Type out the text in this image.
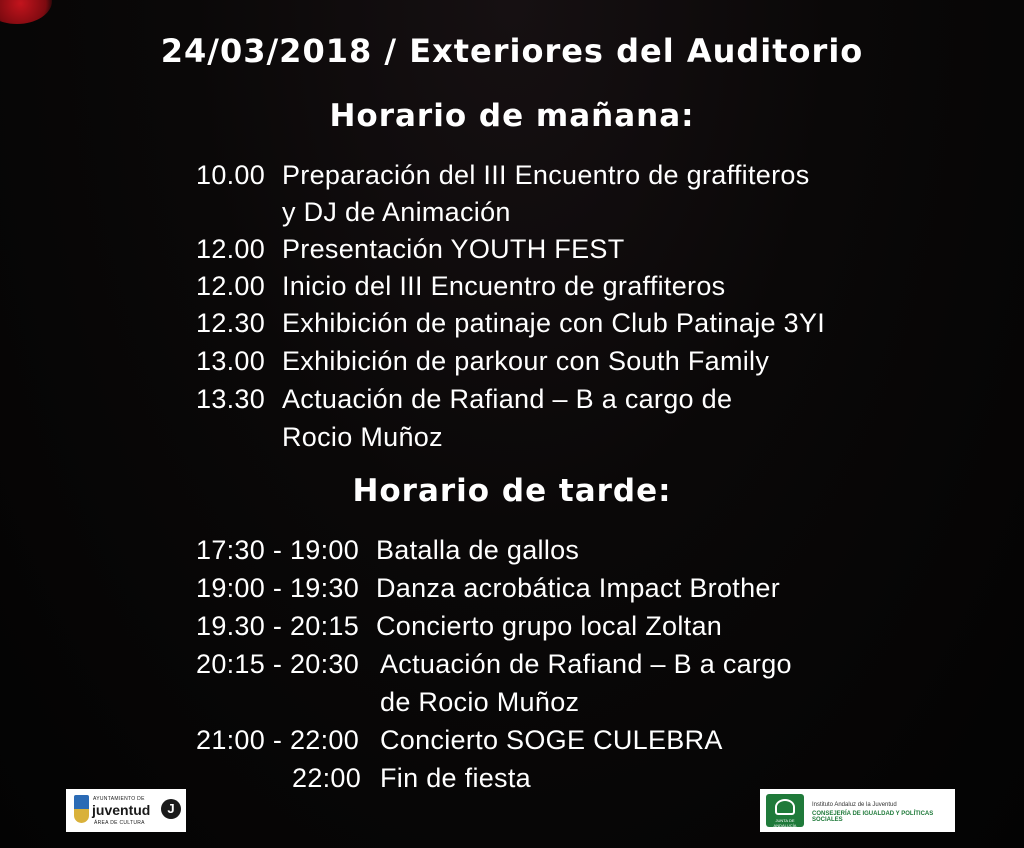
24/03/2018 / Exteriores del Auditorio
Horario de mañana:
10.00 Preparación del III Encuentro de graffiteros
y DJ de Animación
12.00 Presentación YOUTH FEST
12.00 Inicio del III Encuentro de graffiteros
12.30 Exhibición de patinaje con Club Patinaje 3YI
13.00 Exhibición de parkour con South Family
13.30 Actuación de Rafiand – B a cargo de
Rocio Muñoz
Horario de tarde:
17:30 - 19:00 Batalla de gallos
19:00 - 19:30 Danza acrobática Impact Brother
19.30 - 20:15 Concierto grupo local Zoltan
20:15 - 20:30 Actuación de Rafiand – B a cargo
de Rocio Muñoz
21:00 - 22:00 Concierto SOGE CULEBRA
22:00 Fin de fiesta
AYUNTAMIENTO DE
juventud
ÁREA DE CULTURA
J
JUNTA DE ANDALUCÍA
Instituto Andaluz de la Juventud
CONSEJERÍA DE IGUALDAD Y POLÍTICAS SOCIALES
